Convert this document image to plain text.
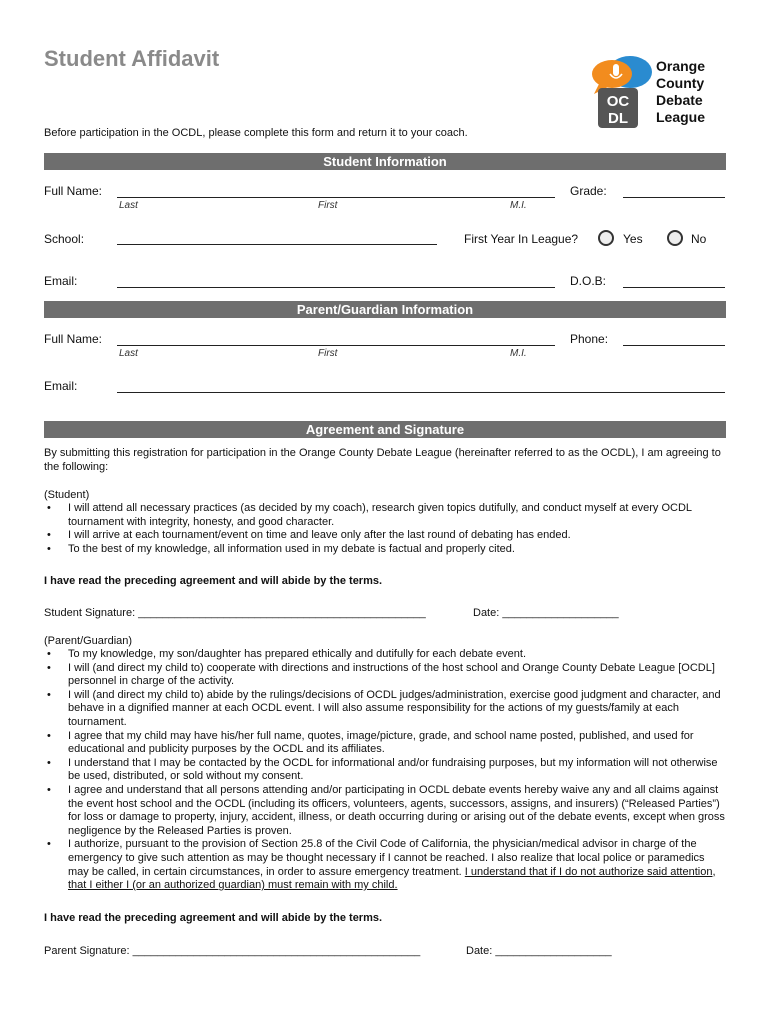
Student Affidavit
OC
DL
Orange
County
Debate
League
Before participation in the OCDL, please complete this form and return it to your coach.
Student Information
Full Name:
Last	First	M.I.
Grade:
School:	First Year In League?	Yes	No
Email:	D.O.B:
Parent/Guardian Information
Full Name:
Last	First	M.I.
Phone:
Email:
Agreement and Signature
By submitting this registration for participation in the Orange County Debate League (hereinafter referred to as the OCDL), I am agreeing to the following:
(Student)
• I will attend all necessary practices (as decided by my coach), research given topics dutifully, and conduct myself at every OCDL tournament with integrity, honesty, and good character.
• I will arrive at each tournament/event on time and leave only after the last round of debating has ended.
• To the best of my knowledge, all information used in my debate is factual and properly cited.
I have read the preceding agreement and will abide by the terms.
Student Signature: _______________________________________________	Date: ___________________
(Parent/Guardian)
• To my knowledge, my son/daughter has prepared ethically and dutifully for each debate event.
• I will (and direct my child to) cooperate with directions and instructions of the host school and Orange County Debate League [OCDL] personnel in charge of the activity.
• I will (and direct my child to) abide by the rulings/decisions of OCDL judges/administration, exercise good judgment and character, and behave in a dignified manner at each OCDL event. I will also assume responsibility for the actions of my guests/family at each tournament.
• I agree that my child may have his/her full name, quotes, image/picture, grade, and school name posted, published, and used for educational and publicity purposes by the OCDL and its affiliates.
• I understand that I may be contacted by the OCDL for informational and/or fundraising purposes, but my information will not otherwise be used, distributed, or sold without my consent.
• I agree and understand that all persons attending and/or participating in OCDL debate events hereby waive any and all claims against the event host school and the OCDL (including its officers, volunteers, agents, successors, assigns, and insurers) (“Released Parties”) for loss or damage to property, injury, accident, illness, or death occurring during or arising out of the debate events, except when gross negligence by the Released Parties is proven.
• I authorize, pursuant to the provision of Section 25.8 of the Civil Code of California, the physician/medical advisor in charge of the emergency to give such attention as may be thought necessary if I cannot be reached. I also realize that local police or paramedics may be called, in certain circumstances, in order to assure emergency treatment. I understand that if I do not authorize said attention, that I either I (or an authorized guardian) must remain with my child.
I have read the preceding agreement and will abide by the terms.
Parent Signature: _______________________________________________	Date: ___________________
